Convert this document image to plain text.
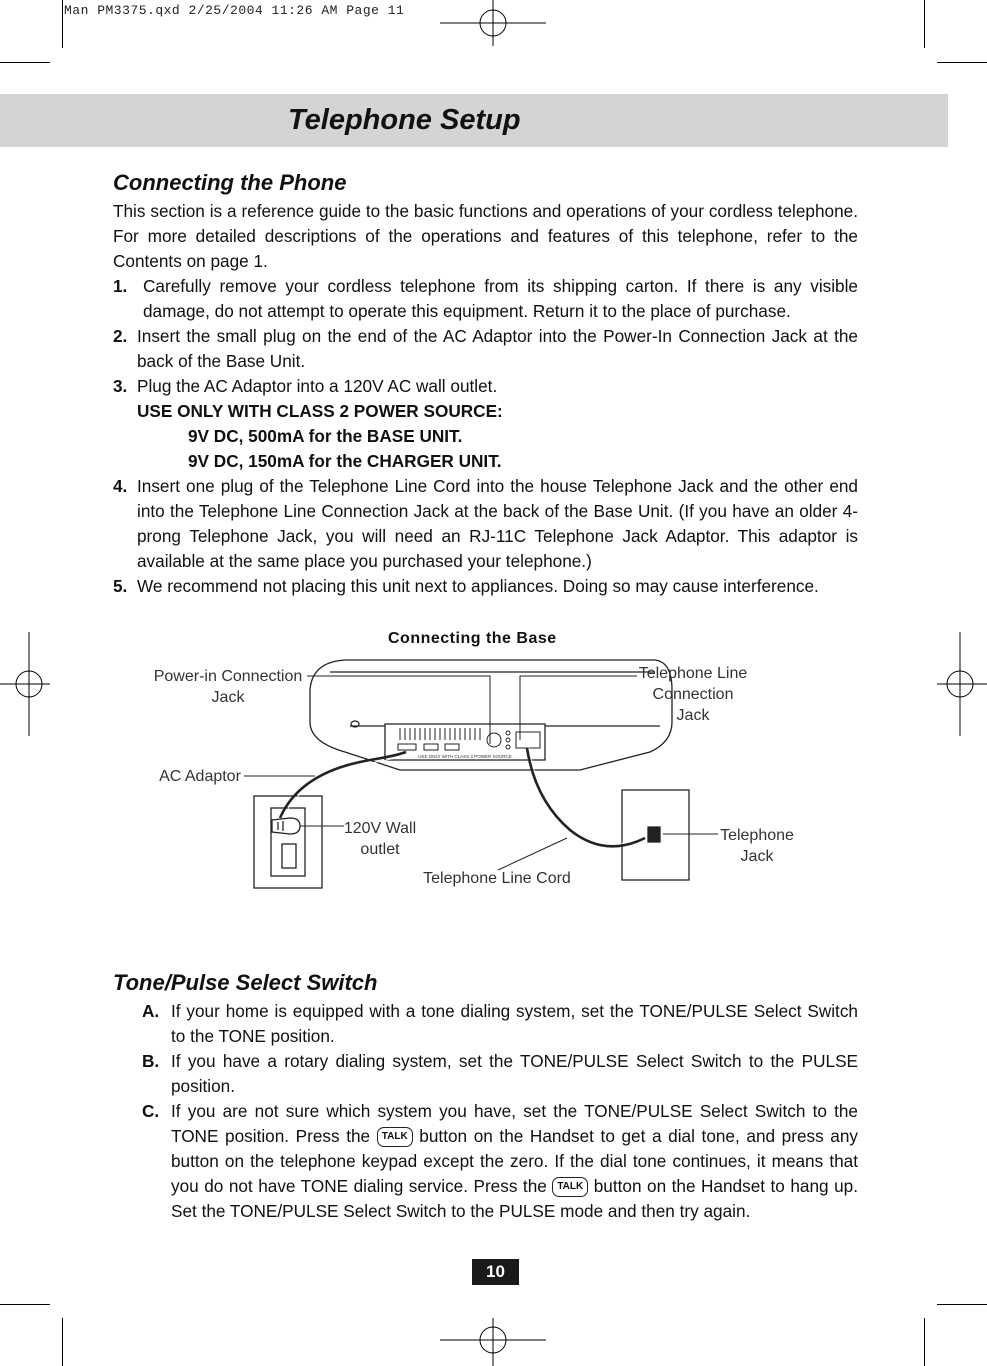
Man PM3375.qxd 2/25/2004 11:26 AM Page 11
Telephone Setup
Connecting the Phone
This section is a reference guide to the basic functions and operations of your cordless telephone. For more detailed descriptions of the operations and features of this telephone, refer to the Contents on page 1.
1. Carefully remove your cordless telephone from its shipping carton. If there is any visible damage, do not attempt to operate this equipment. Return it to the place of purchase.
2. Insert the small plug on the end of the AC Adaptor into the Power-In Connection Jack at the back of the Base Unit.
3. Plug the AC Adaptor into a 120V AC wall outlet.
USE ONLY WITH CLASS 2 POWER SOURCE:
9V DC, 500mA for the BASE UNIT.
9V DC, 150mA for the CHARGER UNIT.
4. Insert one plug of the Telephone Line Cord into the house Telephone Jack and the other end into the Telephone Line Connection Jack at the back of the Base Unit. (If you have an older 4-prong Telephone Jack, you will need an RJ-11C Telephone Jack Adaptor. This adaptor is available at the same place you purchased your telephone.)
5. We recommend not placing this unit next to appliances. Doing so may cause interference.
Connecting the Base
USE ONLY WITH CLASS 2 POWER SOURCE
Power-in Connection
Jack
Telephone Line
Connection
Jack
AC Adaptor
120V Wall
outlet
Telephone
Jack
Telephone Line Cord
Tone/Pulse Select Switch
A. If your home is equipped with a tone dialing system, set the TONE/PULSE Select Switch to the TONE position.
B. If you have a rotary dialing system, set the TONE/PULSE Select Switch to the PULSE position.
C. If you are not sure which system you have, set the TONE/PULSE Select Switch to the TONE position. Press the TALK button on the Handset to get a dial tone, and press any button on the telephone keypad except the zero. If the dial tone continues, it means that you do not have TONE dialing service. Press the TALK button on the Handset to hang up. Set the TONE/PULSE Select Switch to the PULSE mode and then try again.
10
